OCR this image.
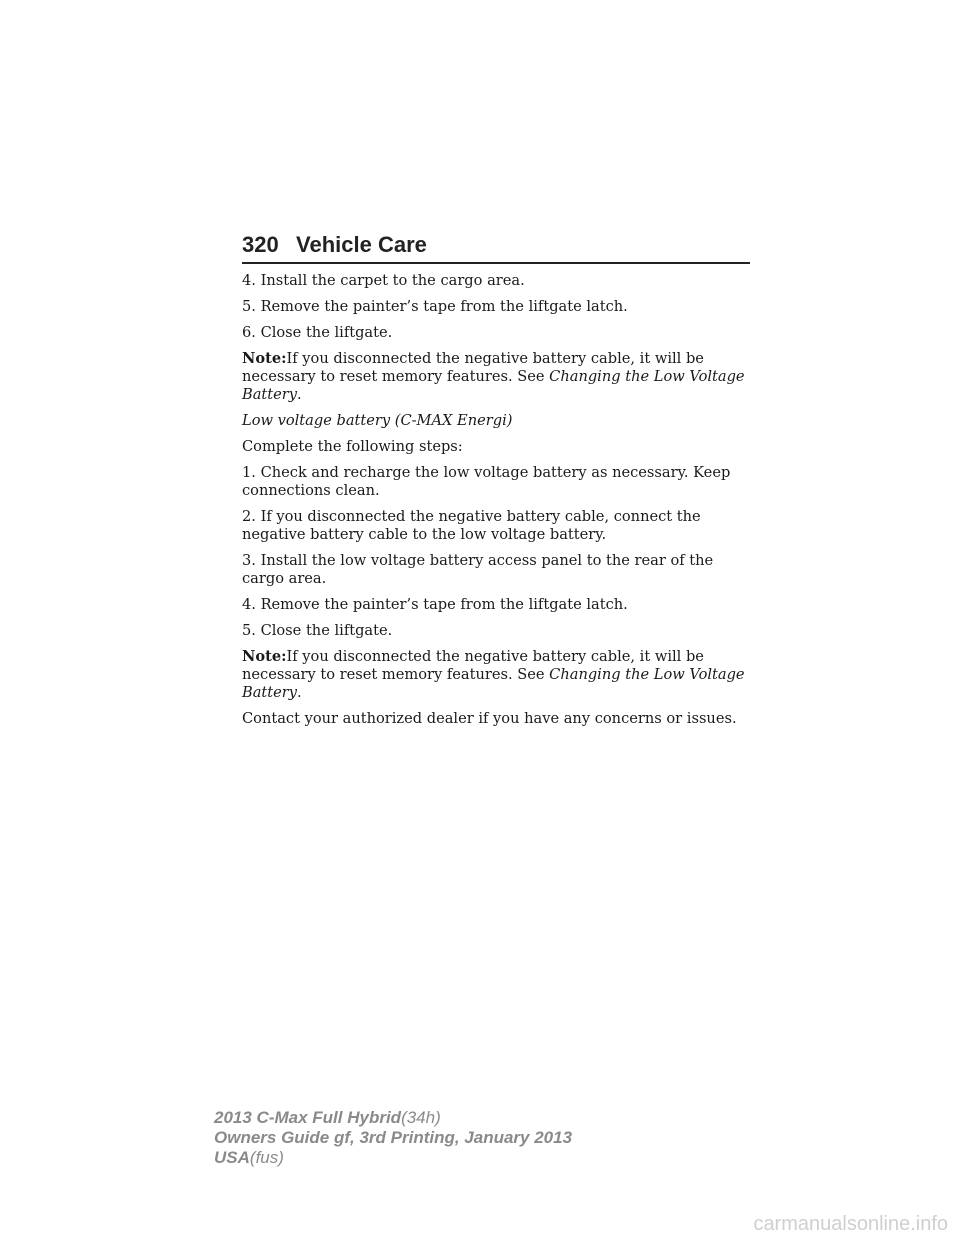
320 Vehicle Care

4. Install the carpet to the cargo area.

5. Remove the painter’s tape from the liftgate latch.

6. Close the liftgate.

Note:If you disconnected the negative battery cable, it will be necessary to reset memory features. See Changing the Low Voltage Battery.

Low voltage battery (C-MAX Energi)

Complete the following steps:

1. Check and recharge the low voltage battery as necessary. Keep connections clean.

2. If you disconnected the negative battery cable, connect the negative battery cable to the low voltage battery.

3. Install the low voltage battery access panel to the rear of the cargo area.

4. Remove the painter’s tape from the liftgate latch.

5. Close the liftgate.

Note:If you disconnected the negative battery cable, it will be necessary to reset memory features. See Changing the Low Voltage Battery.

Contact your authorized dealer if you have any concerns or issues.

2013 C-Max Full Hybrid(34h)
Owners Guide gf, 3rd Printing, January 2013
USA(fus)
carmanualsonline.info
